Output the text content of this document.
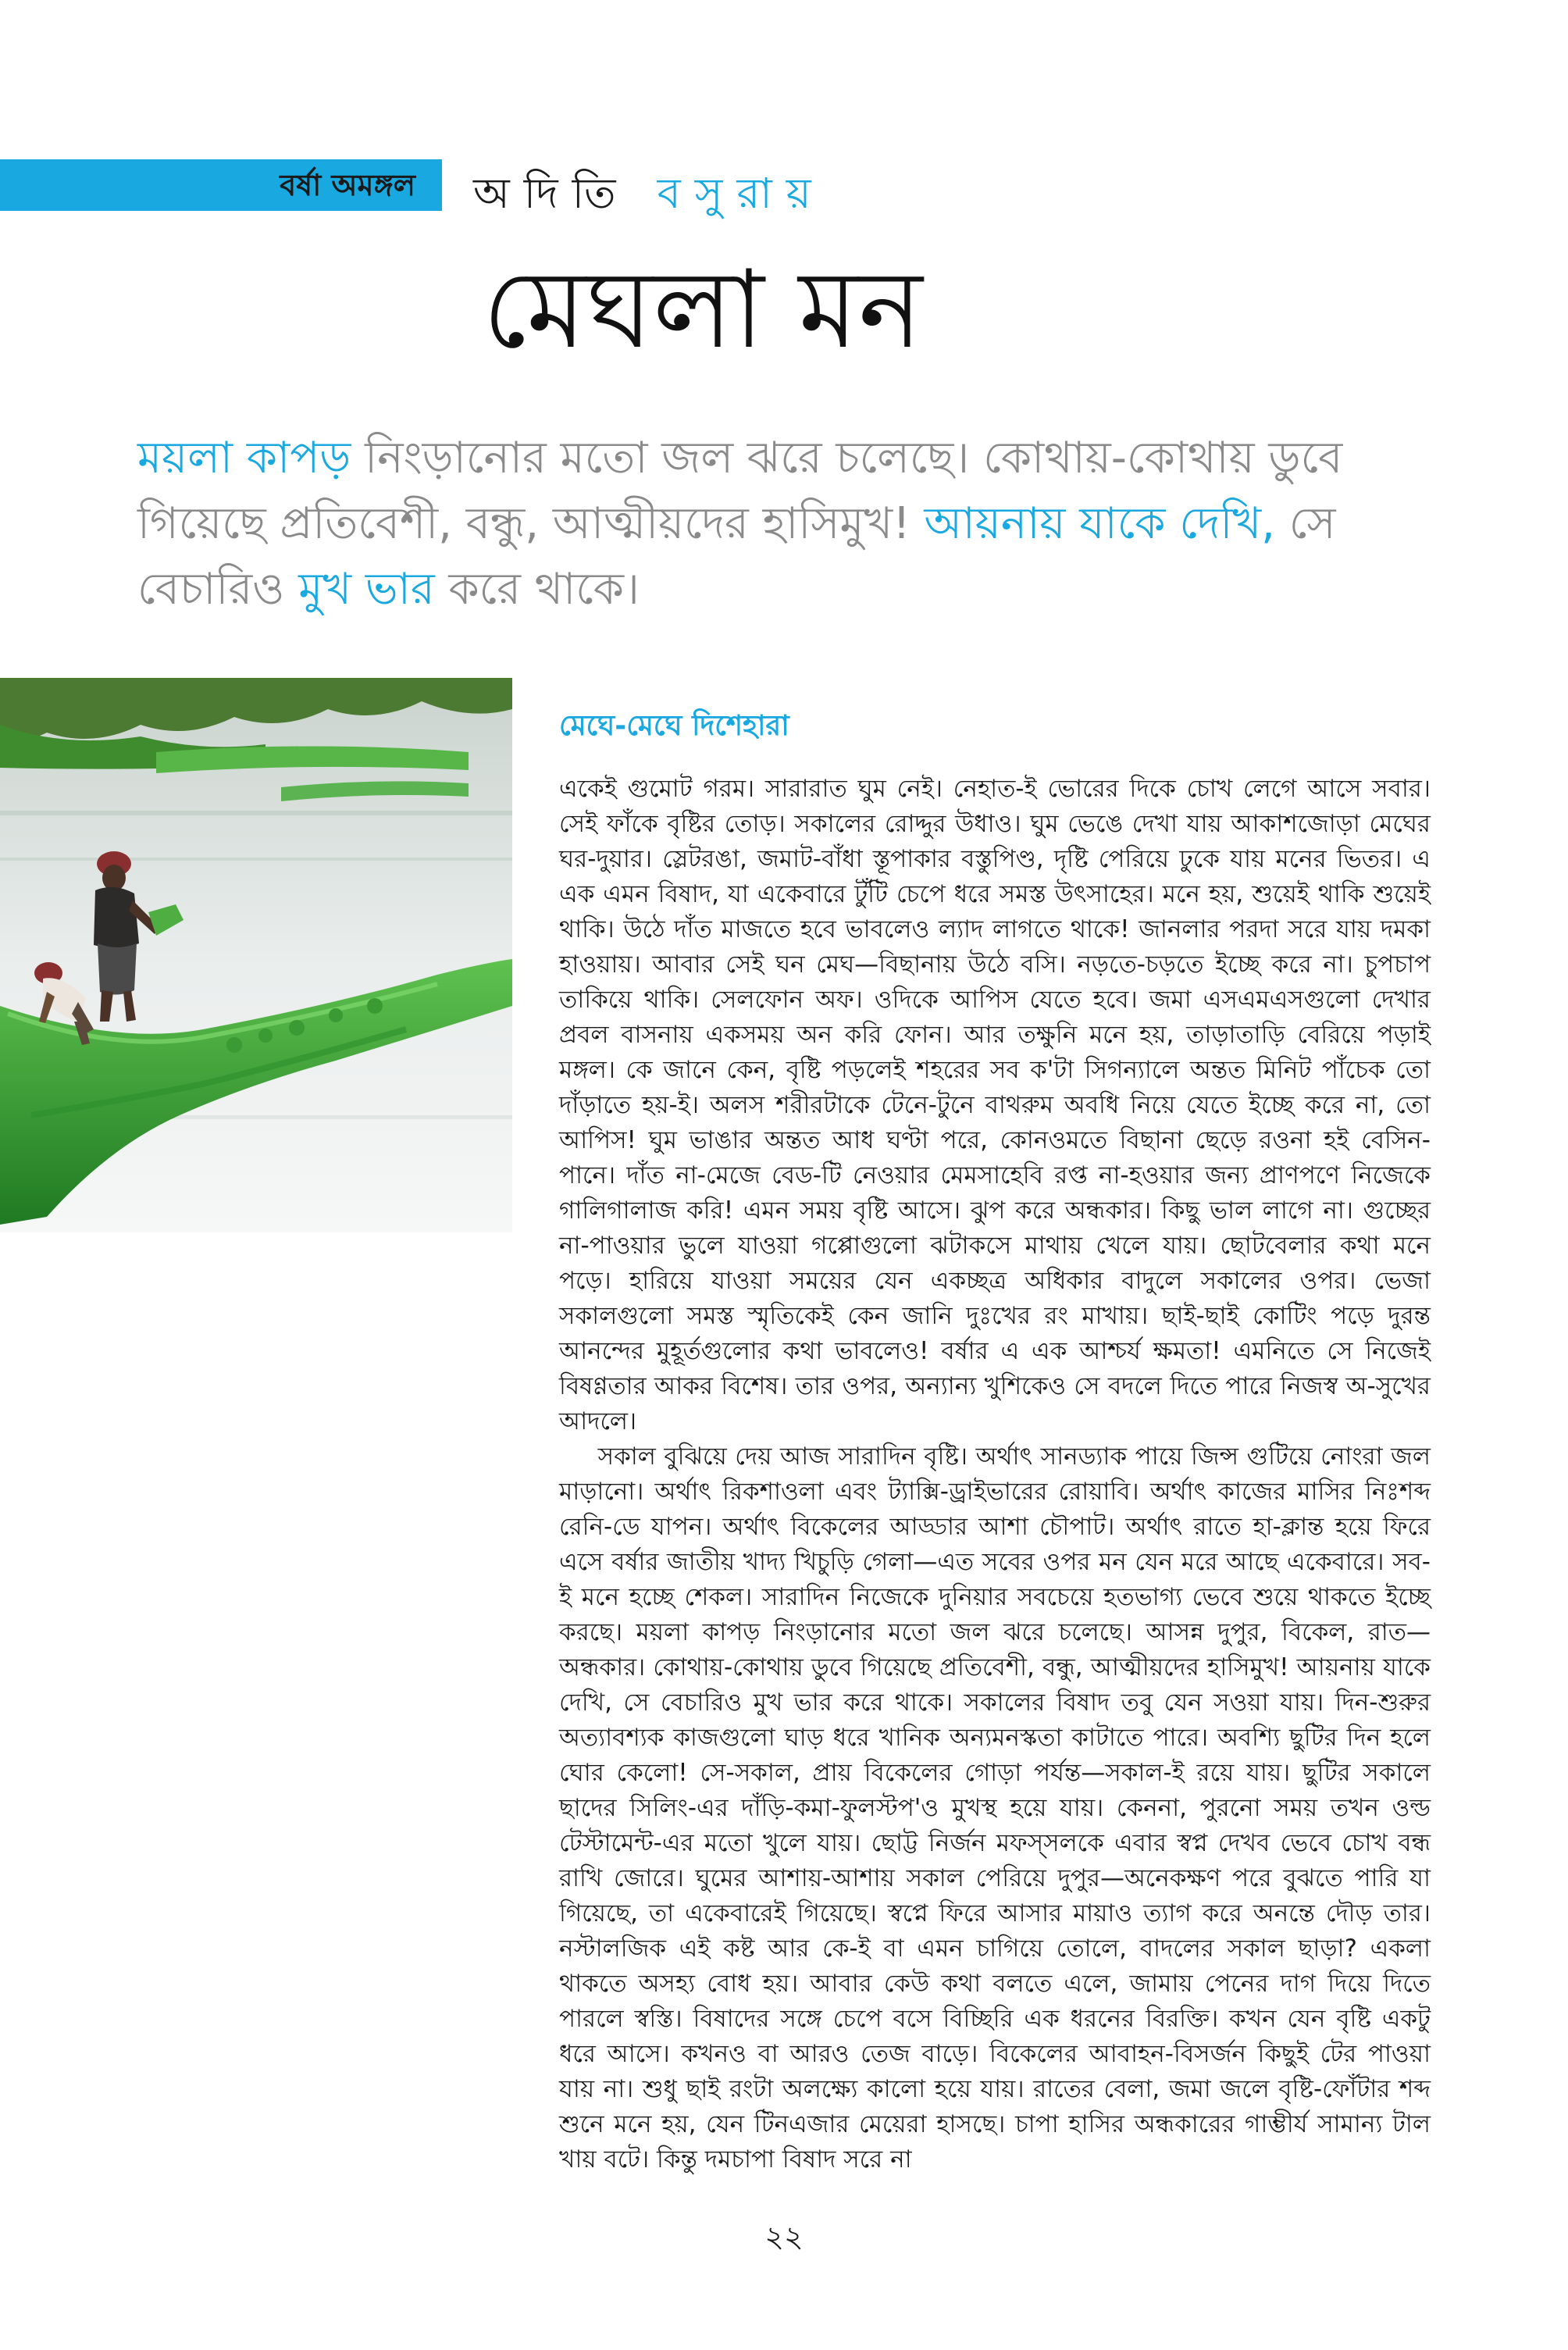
বর্ষা অমঙ্গল অদিতি বসুরায়
মেঘলা মন

ময়লা কাপড় নিংড়ানোর মতো জল ঝরে চলেছে। কোথায়-কোথায় ডুবে গিয়েছে প্রতিবেশী, বন্ধু, আত্মীয়দের হাসিমুখ! আয়নায় যাকে দেখি, সে বেচারিও মুখ ভার করে থাকে।

মেঘে-মেঘে দিশেহারা

একেই গুমোট গরম। সারারাত ঘুম নেই। নেহাত-ই ভোরের দিকে চোখ লেগে আসে সবার। সেই ফাঁকে বৃষ্টির তোড়। সকালের রোদ্দুর উধাও। ঘুম ভেঙে দেখা যায় আকাশজোড়া মেঘের ঘর-দুয়ার। স্লেটরঙা, জমাট-বাঁধা স্তূপাকার বস্তুপিণ্ড, দৃষ্টি পেরিয়ে ঢুকে যায় মনের ভিতর। এ এক এমন বিষাদ, যা একেবারে টুঁটি চেপে ধরে সমস্ত উৎসাহের। মনে হয়, শুয়েই থাকি শুয়েই থাকি। উঠে দাঁত মাজতে হবে ভাবলেও ল্যাদ লাগতে থাকে! জানলার পরদা সরে যায় দমকা হাওয়ায়। আবার সেই ঘন মেঘ—বিছানায় উঠে বসি। নড়তে-চড়তে ইচ্ছে করে না। চুপচাপ তাকিয়ে থাকি। সেলফোন অফ। ওদিকে আপিস যেতে হবে। জমা এসএমএসগুলো দেখার প্রবল বাসনায় একসময় অন করি ফোন। আর তক্ষুনি মনে হয়, তাড়াতাড়ি বেরিয়ে পড়াই মঙ্গল। কে জানে কেন, বৃষ্টি পড়লেই শহরের সব ক'টা সিগন্যালে অন্তত মিনিট পাঁচেক তো দাঁড়াতে হয়-ই। অলস শরীরটাকে টেনে-টুনে বাথরুম অবধি নিয়ে যেতে ইচ্ছে করে না, তো আপিস! ঘুম ভাঙার অন্তত আধ ঘণ্টা পরে, কোনওমতে বিছানা ছেড়ে রওনা হই বেসিন-পানে। দাঁত না-মেজে বেড-টি নেওয়ার মেমসাহেবি রপ্ত না-হওয়ার জন্য প্রাণপণে নিজেকে গালিগালাজ করি! এমন সময় বৃষ্টি আসে। ঝুপ করে অন্ধকার। কিছু ভাল লাগে না। গুচ্ছের না-পাওয়ার ভুলে যাওয়া গপ্পোগুলো ঝটাকসে মাথায় খেলে যায়। ছোটবেলার কথা মনে পড়ে। হারিয়ে যাওয়া সময়ের যেন একচ্ছত্র অধিকার বাদুলে সকালের ওপর। ভেজা সকালগুলো সমস্ত স্মৃতিকেই কেন জানি দুঃখের রং মাখায়। ছাই-ছাই কোটিং পড়ে দুরন্ত আনন্দের মুহূর্তগুলোর কথা ভাবলেও! বর্ষার এ এক আশ্চর্য ক্ষমতা! এমনিতে সে নিজেই বিষণ্ণতার আকর বিশেষ। তার ওপর, অন্যান্য খুশিকেও সে বদলে দিতে পারে নিজস্ব অ-সুখের আদলে।

সকাল বুঝিয়ে দেয় আজ সারাদিন বৃষ্টি। অর্থাৎ সানড্যাক পায়ে জিন্স গুটিয়ে নোংরা জল মাড়ানো। অর্থাৎ রিকশাওলা এবং ট্যাক্সি-ড্রাইভারের রোয়াবি। অর্থাৎ কাজের মাসির নিঃশব্দ রেনি-ডে যাপন। অর্থাৎ বিকেলের আড্ডার আশা চৌপাট। অর্থাৎ রাতে হা-ক্লান্ত হয়ে ফিরে এসে বর্ষার জাতীয় খাদ্য খিচুড়ি গেলা—এত সবের ওপর মন যেন মরে আছে একেবারে। সব-ই মনে হচ্ছে শেকল। সারাদিন নিজেকে দুনিয়ার সবচেয়ে হতভাগ্য ভেবে শুয়ে থাকতে ইচ্ছে করছে। ময়লা কাপড় নিংড়ানোর মতো জল ঝরে চলেছে। আসন্ন দুপুর, বিকেল, রাত—অন্ধকার। কোথায়-কোথায় ডুবে গিয়েছে প্রতিবেশী, বন্ধু, আত্মীয়দের হাসিমুখ! আয়নায় যাকে দেখি, সে বেচারিও মুখ ভার করে থাকে। সকালের বিষাদ তবু যেন সওয়া যায়। দিন-শুরুর অত্যাবশ্যক কাজগুলো ঘাড় ধরে খানিক অন্যমনস্কতা কাটাতে পারে। অবশ্যি ছুটির দিন হলে ঘোর কেলো! সে-সকাল, প্রায় বিকেলের গোড়া পর্যন্ত—সকাল-ই রয়ে যায়। ছুটির সকালে ছাদের সিলিং-এর দাঁড়ি-কমা-ফুলস্টপ'ও মুখস্থ হয়ে যায়। কেননা, পুরনো সময় তখন ওল্ড টেস্টামেন্ট-এর মতো খুলে যায়। ছোট্ট নির্জন মফস্সলকে এবার স্বপ্ন দেখব ভেবে চোখ বন্ধ রাখি জোরে। ঘুমের আশায়-আশায় সকাল পেরিয়ে দুপুর—অনেকক্ষণ পরে বুঝতে পারি যা গিয়েছে, তা একেবারেই গিয়েছে। স্বপ্নে ফিরে আসার মায়াও ত্যাগ করে অনন্তে দৌড় তার। নস্টালজিক এই কষ্ট আর কে-ই বা এমন চাগিয়ে তোলে, বাদলের সকাল ছাড়া? একলা থাকতে অসহ্য বোধ হয়। আবার কেউ কথা বলতে এলে, জামায় পেনের দাগ দিয়ে দিতে পারলে স্বস্তি। বিষাদের সঙ্গে চেপে বসে বিচ্ছিরি এক ধরনের বিরক্তি। কখন যেন বৃষ্টি একটু ধরে আসে। কখনও বা আরও তেজ বাড়ে। বিকেলের আবাহন-বিসর্জন কিছুই টের পাওয়া যায় না। শুধু ছাই রংটা অলক্ষ্যে কালো হয়ে যায়। রাতের বেলা, জমা জলে বৃষ্টি-ফোঁটার শব্দ শুনে মনে হয়, যেন টিনএজার মেয়েরা হাসছে। চাপা হাসির অন্ধকারের গাম্ভীর্য সামান্য টাল খায় বটে। কিন্তু দমচাপা বিষাদ সরে না

২২
